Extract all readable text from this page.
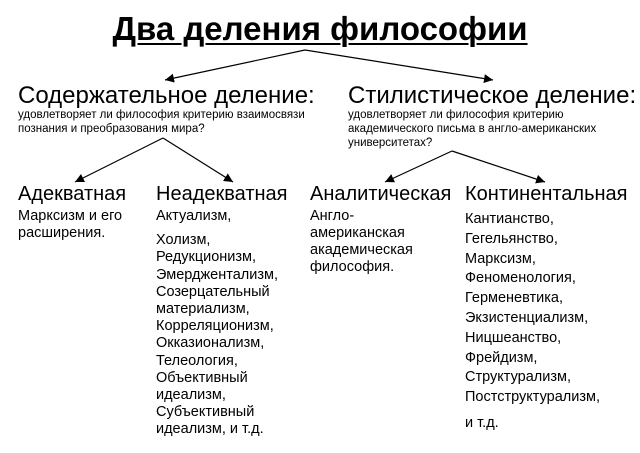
Два деления философии
Содержательное деление:
удовлетворяет ли философия критерию взаимосвязи
познания и преобразования мира?
Стилистическое деление:
удовлетворяет ли философия критерию
академического письма в англо-американских
университетах?
Адекватная
Марксизм и его
расширения.
Неадекватная
Актуализм,
Холизм,
Редукционизм,
Эмерджентализм,
Созерцательный
материализм,
Корреляционизм,
Окказионализм,
Телеология,
Объективный
идеализм,
Субъективный
идеализм, и т.д.
Аналитическая
Англо-
американская
академическая
философия.
Континентальная
Кантианство,
Гегельянство,
Марксизм,
Феноменология,
Герменевтика,
Экзистенциализм,
Ницшеанство,
Фрейдизм,
Структурализм,
Постструктурализм,
и т.д.
